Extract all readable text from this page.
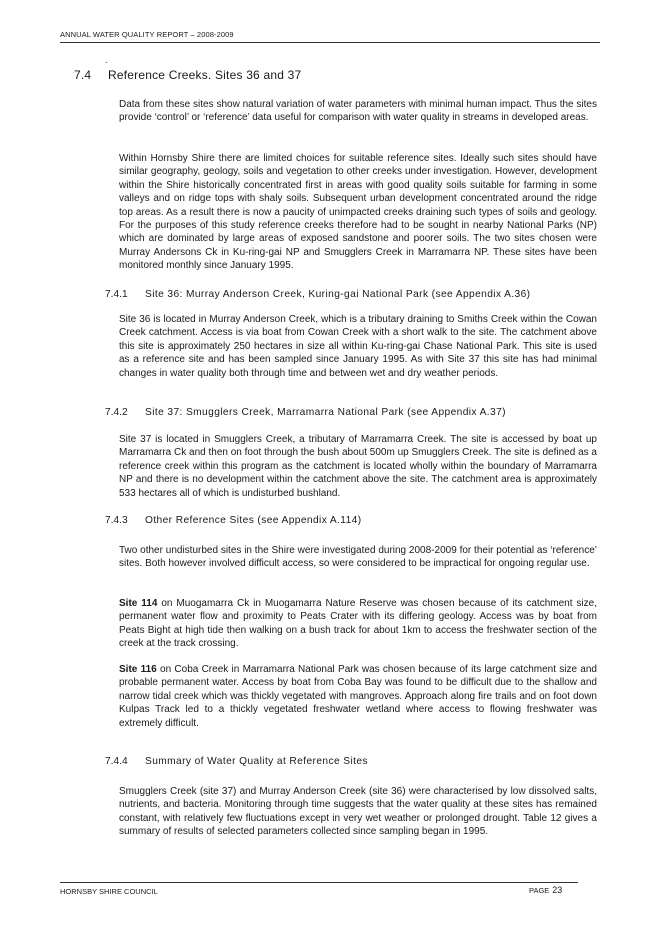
ANNUAL WATER QUALITY REPORT – 2008-2009
.
7.4 Reference Creeks. Sites 36 and 37

Data from these sites show natural variation of water parameters with minimal human impact. Thus the sites provide ‘control’ or ‘reference’ data useful for comparison with water quality in streams in developed areas.

Within Hornsby Shire there are limited choices for suitable reference sites. Ideally such sites should have similar geography, geology, soils and vegetation to other creeks under investigation. However, development within the Shire historically concentrated first in areas with good quality soils suitable for farming in some valleys and on ridge tops with shaly soils. Subsequent urban development concentrated around the ridge top areas. As a result there is now a paucity of unimpacted creeks draining such types of soils and geology. For the purposes of this study reference creeks therefore had to be sought in nearby National Parks (NP) which are dominated by large areas of exposed sandstone and poorer soils. The two sites chosen were Murray Andersons Ck in Ku-ring-gai NP and Smugglers Creek in Marramarra NP. These sites have been monitored monthly since January 1995.

7.4.1 Site 36: Murray Anderson Creek, Kuring-gai National Park (see Appendix A.36)

Site 36 is located in Murray Anderson Creek, which is a tributary draining to Smiths Creek within the Cowan Creek catchment. Access is via boat from Cowan Creek with a short walk to the site. The catchment above this site is approximately 250 hectares in size all within Ku-ring-gai Chase National Park. This site is used as a reference site and has been sampled since January 1995. As with Site 37 this site has had minimal changes in water quality both through time and between wet and dry weather periods.

7.4.2 Site 37: Smugglers Creek, Marramarra National Park (see Appendix A.37)

Site 37 is located in Smugglers Creek, a tributary of Marramarra Creek. The site is accessed by boat up Marramarra Ck and then on foot through the bush about 500m up Smugglers Creek. The site is defined as a reference creek within this program as the catchment is located wholly within the boundary of Marramarra NP and there is no development within the catchment above the site. The catchment area is approximately 533 hectares all of which is undisturbed bushland.

7.4.3 Other Reference Sites (see Appendix A.114)

Two other undisturbed sites in the Shire were investigated during 2008-2009 for their potential as ‘reference’ sites. Both however involved difficult access, so were considered to be impractical for ongoing regular use.

Site 114 on Muogamarra Ck in Muogamarra Nature Reserve was chosen because of its catchment size, permanent water flow and proximity to Peats Crater with its differing geology. Access was by boat from Peats Bight at high tide then walking on a bush track for about 1km to access the freshwater section of the creek at the track crossing.

Site 116 on Coba Creek in Marramarra National Park was chosen because of its large catchment size and probable permanent water. Access by boat from Coba Bay was found to be difficult due to the shallow and narrow tidal creek which was thickly vegetated with mangroves. Approach along fire trails and on foot down Kulpas Track led to a thickly vegetated freshwater wetland where access to flowing freshwater was extremely difficult.

7.4.4 Summary of Water Quality at Reference Sites

Smugglers Creek (site 37) and Murray Anderson Creek (site 36) were characterised by low dissolved salts, nutrients, and bacteria. Monitoring through time suggests that the water quality at these sites has remained constant, with relatively few fluctuations except in very wet weather or prolonged drought. Table 12 gives a summary of results of selected parameters collected since sampling began in 1995.

HORNSBY SHIRE COUNCIL	PAGE 23
